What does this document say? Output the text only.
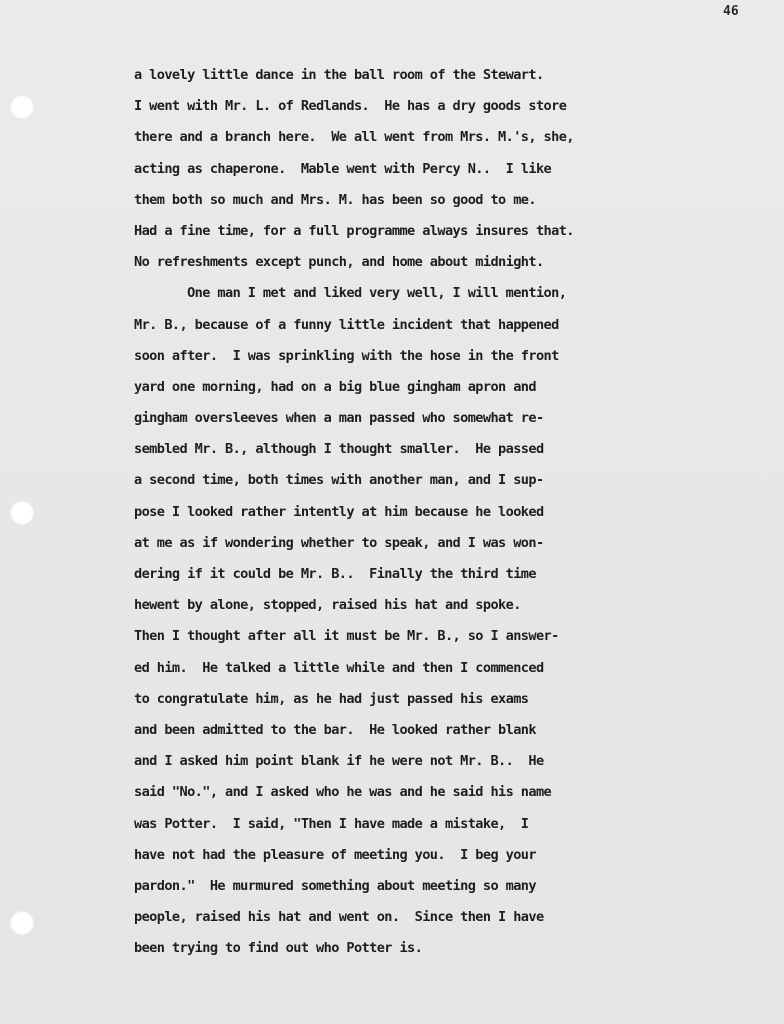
46
a lovely little dance in the ball room of the Stewart.
I went with Mr. L. of Redlands.  He has a dry goods store
there and a branch here.  We all went from Mrs. M.'s, she,
acting as chaperone.  Mable went with Percy N..  I like
them both so much and Mrs. M. has been so good to me.
Had a fine time, for a full programme always insures that.
No refreshments except punch, and home about midnight.
One man I met and liked very well, I will mention,
Mr. B., because of a funny little incident that happened
soon after.  I was sprinkling with the hose in the front
yard one morning, had on a big blue gingham apron and
gingham oversleeves when a man passed who somewhat re-
sembled Mr. B., although I thought smaller.  He passed
a second time, both times with another man, and I sup-
pose I looked rather intently at him because he looked
at me as if wondering whether to speak, and I was won-
dering if it could be Mr. B..  Finally the third time
hewent by alone, stopped, raised his hat and spoke.
Then I thought after all it must be Mr. B., so I answer-
ed him.  He talked a little while and then I commenced
to congratulate him, as he had just passed his exams
and been admitted to the bar.  He looked rather blank
and I asked him point blank if he were not Mr. B..  He
said "No.", and I asked who he was and he said his name
was Potter.  I said, "Then I have made a mistake,  I
have not had the pleasure of meeting you.  I beg your
pardon."  He murmured something about meeting so many
people, raised his hat and went on.  Since then I have
been trying to find out who Potter is.
